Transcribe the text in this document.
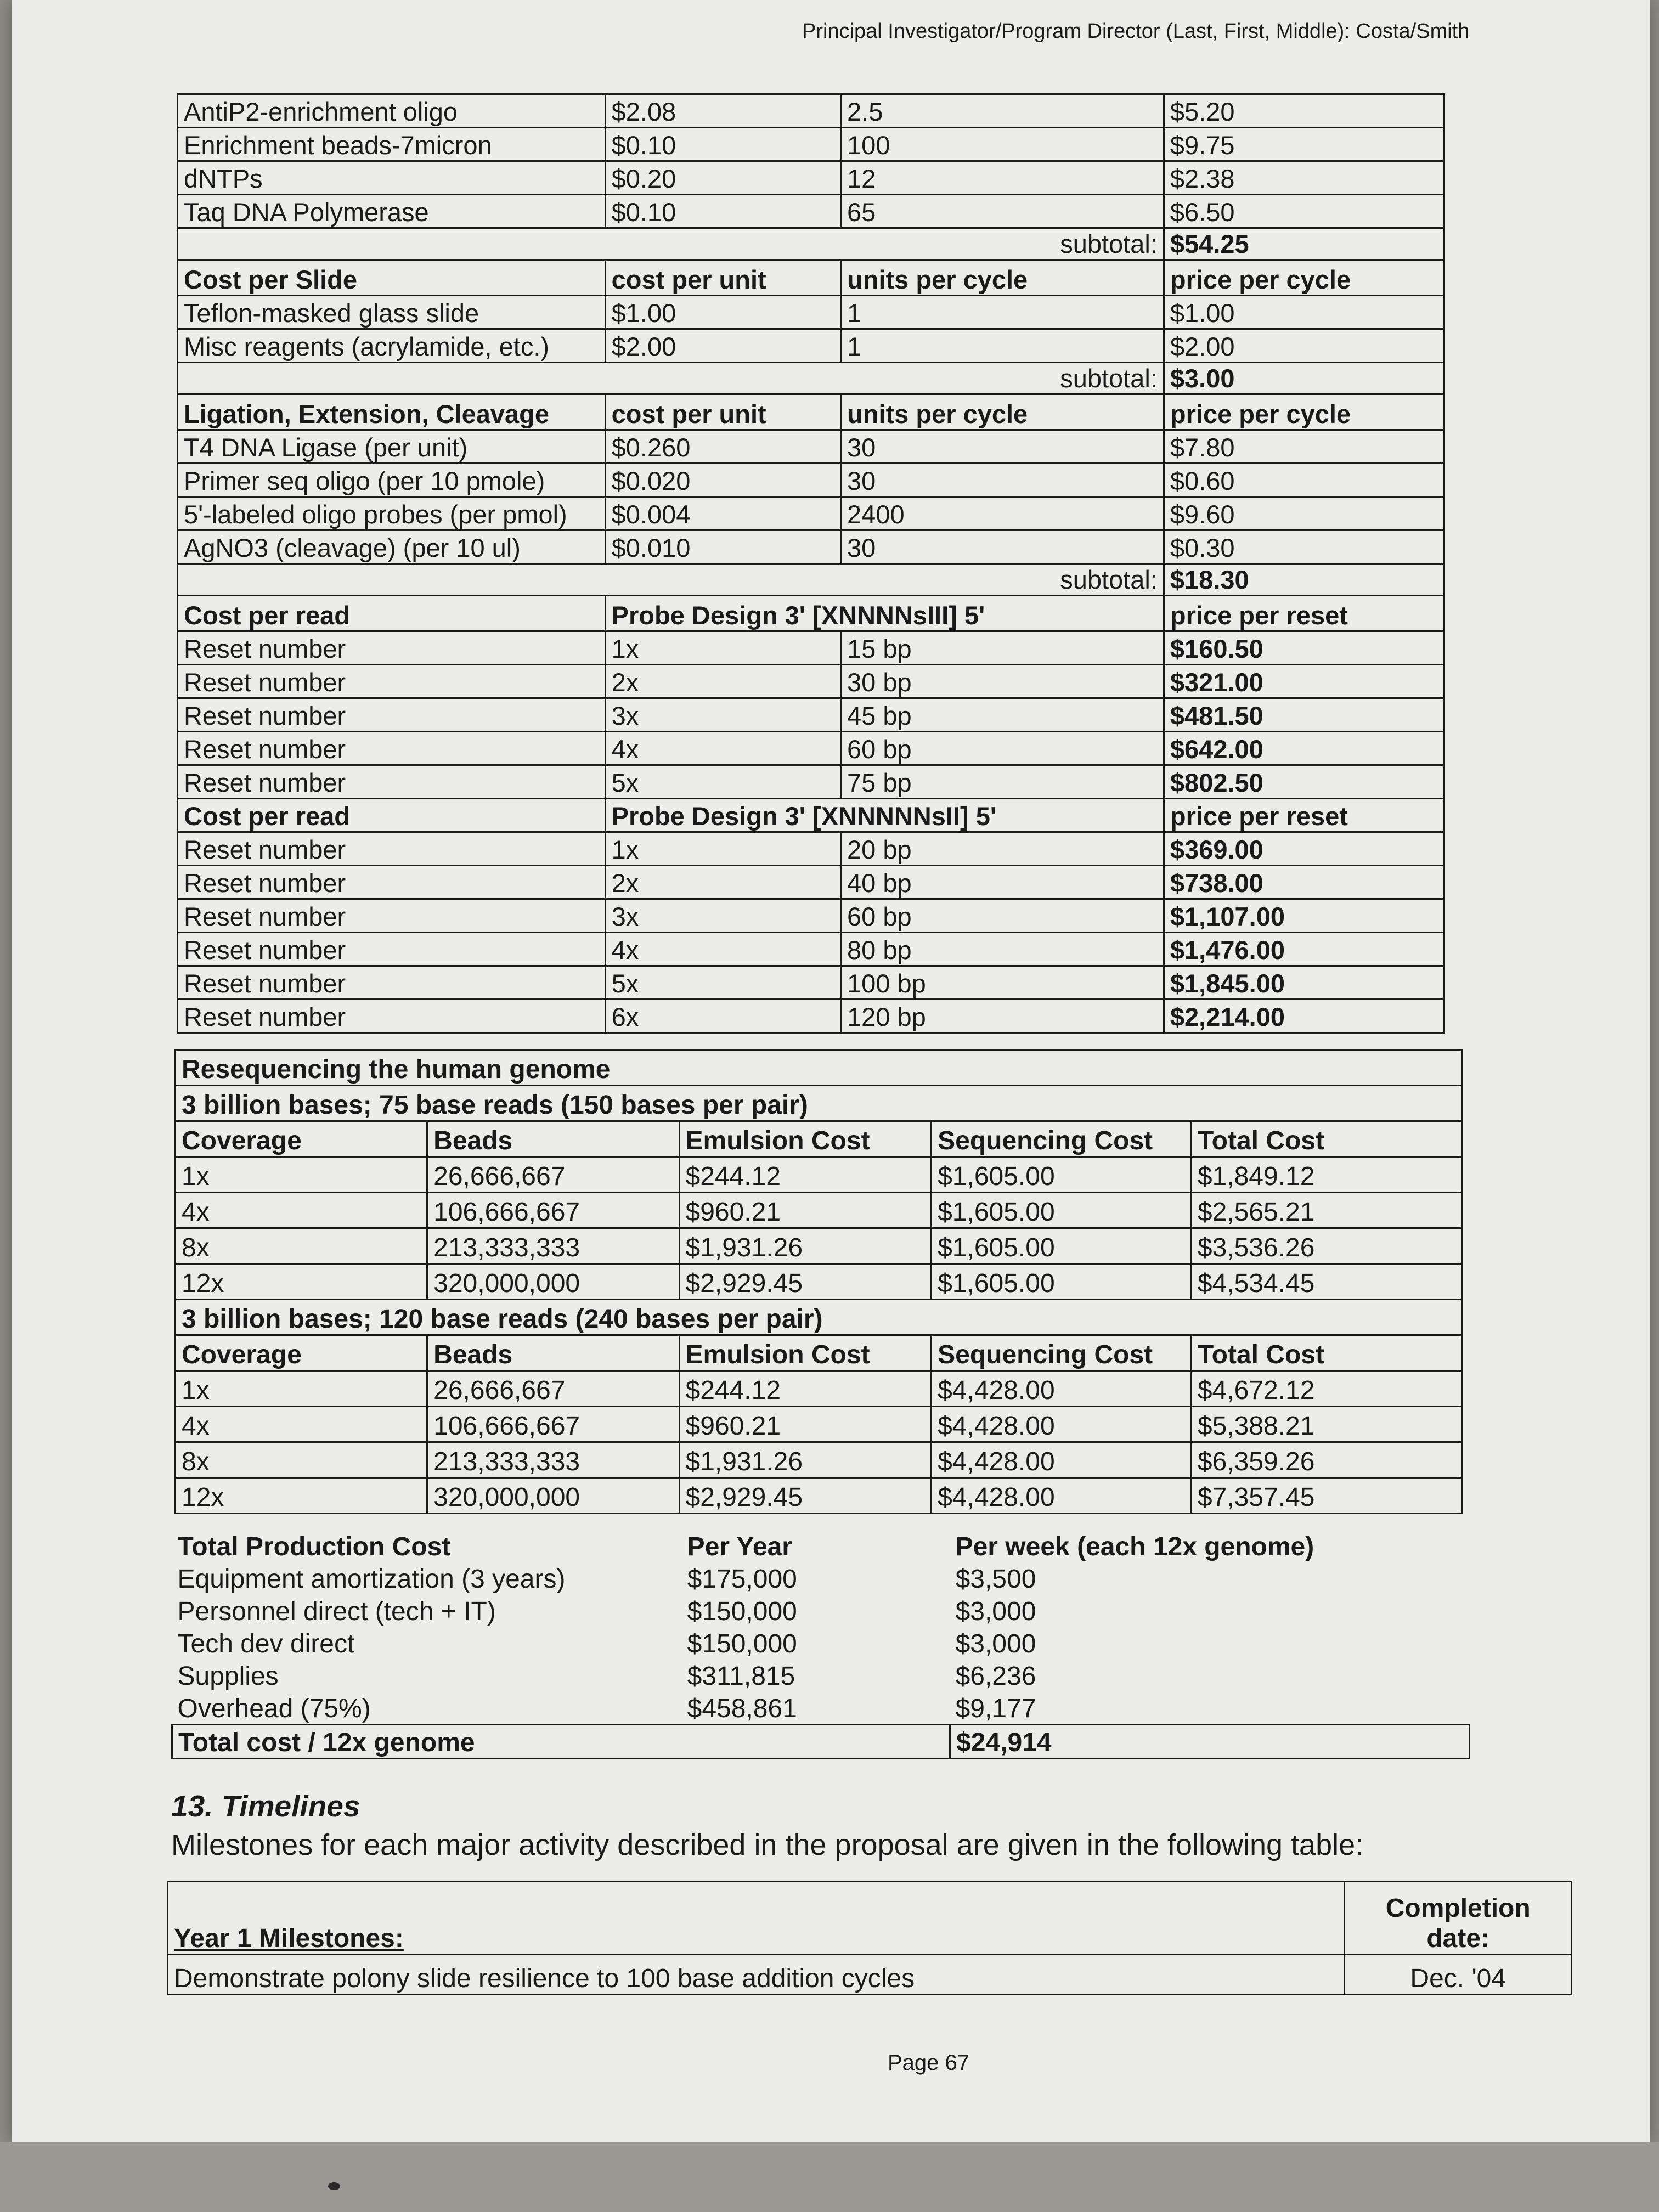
Principal Investigator/Program Director (Last, First, Middle): Costa/Smith
AntiP2-enrichment oligo	$2.08	2.5	$5.20
Enrichment beads-7micron	$0.10	100	$9.75
dNTPs	$0.20	12	$2.38
Taq DNA Polymerase	$0.10	65	$6.50
subtotal:			$54.25
Cost per Slide	cost per unit	units per cycle	price per cycle
Teflon-masked glass slide	$1.00	1	$1.00
Misc reagents (acrylamide, etc.)	$2.00	1	$2.00
subtotal:			$3.00
Ligation, Extension, Cleavage	cost per unit	units per cycle	price per cycle
T4 DNA Ligase (per unit)	$0.260	30	$7.80
Primer seq oligo (per 10 pmole)	$0.020	30	$0.60
5'-labeled oligo probes (per pmol)	$0.004	2400	$9.60
AgNO3 (cleavage) (per 10 ul)	$0.010	30	$0.30
subtotal:			$18.30
Cost per read	Probe Design 3' [XNNNNsIII] 5'		price per reset
Reset number	1x	15 bp	$160.50
Reset number	2x	30 bp	$321.00
Reset number	3x	45 bp	$481.50
Reset number	4x	60 bp	$642.00
Reset number	5x	75 bp	$802.50
Cost per read	Probe Design 3' [XNNNNNsII] 5'		price per reset
Reset number	1x	20 bp	$369.00
Reset number	2x	40 bp	$738.00
Reset number	3x	60 bp	$1,107.00
Reset number	4x	80 bp	$1,476.00
Reset number	5x	100 bp	$1,845.00
Reset number	6x	120 bp	$2,214.00
Resequencing the human genome				
3 billion bases; 75 base reads (150 bases per pair)				
Coverage	Beads	Emulsion Cost	Sequencing Cost	Total Cost
1x	26,666,667	$244.12	$1,605.00	$1,849.12
4x	106,666,667	$960.21	$1,605.00	$2,565.21
8x	213,333,333	$1,931.26	$1,605.00	$3,536.26
12x	320,000,000	$2,929.45	$1,605.00	$4,534.45
3 billion bases; 120 base reads (240 bases per pair)				
Coverage	Beads	Emulsion Cost	Sequencing Cost	Total Cost
1x	26,666,667	$244.12	$4,428.00	$4,672.12
4x	106,666,667	$960.21	$4,428.00	$5,388.21
8x	213,333,333	$1,931.26	$4,428.00	$6,359.26
12x	320,000,000	$2,929.45	$4,428.00	$7,357.45
Total Production Cost	Per Year	Per week (each 12x genome)
Equipment amortization (3 years)	$175,000	$3,500
Personnel direct (tech + IT)	$150,000	$3,000
Tech dev direct	$150,000	$3,000
Supplies	$311,815	$6,236
Overhead (75%)	$458,861	$9,177
Total cost / 12x genome		$24,914
13. Timelines
Milestones for each major activity described in the proposal are given in the following table:
Year 1 Milestones:	Completion date:
Demonstrate polony slide resilience to 100 base addition cycles	Dec. '04
Page 67
